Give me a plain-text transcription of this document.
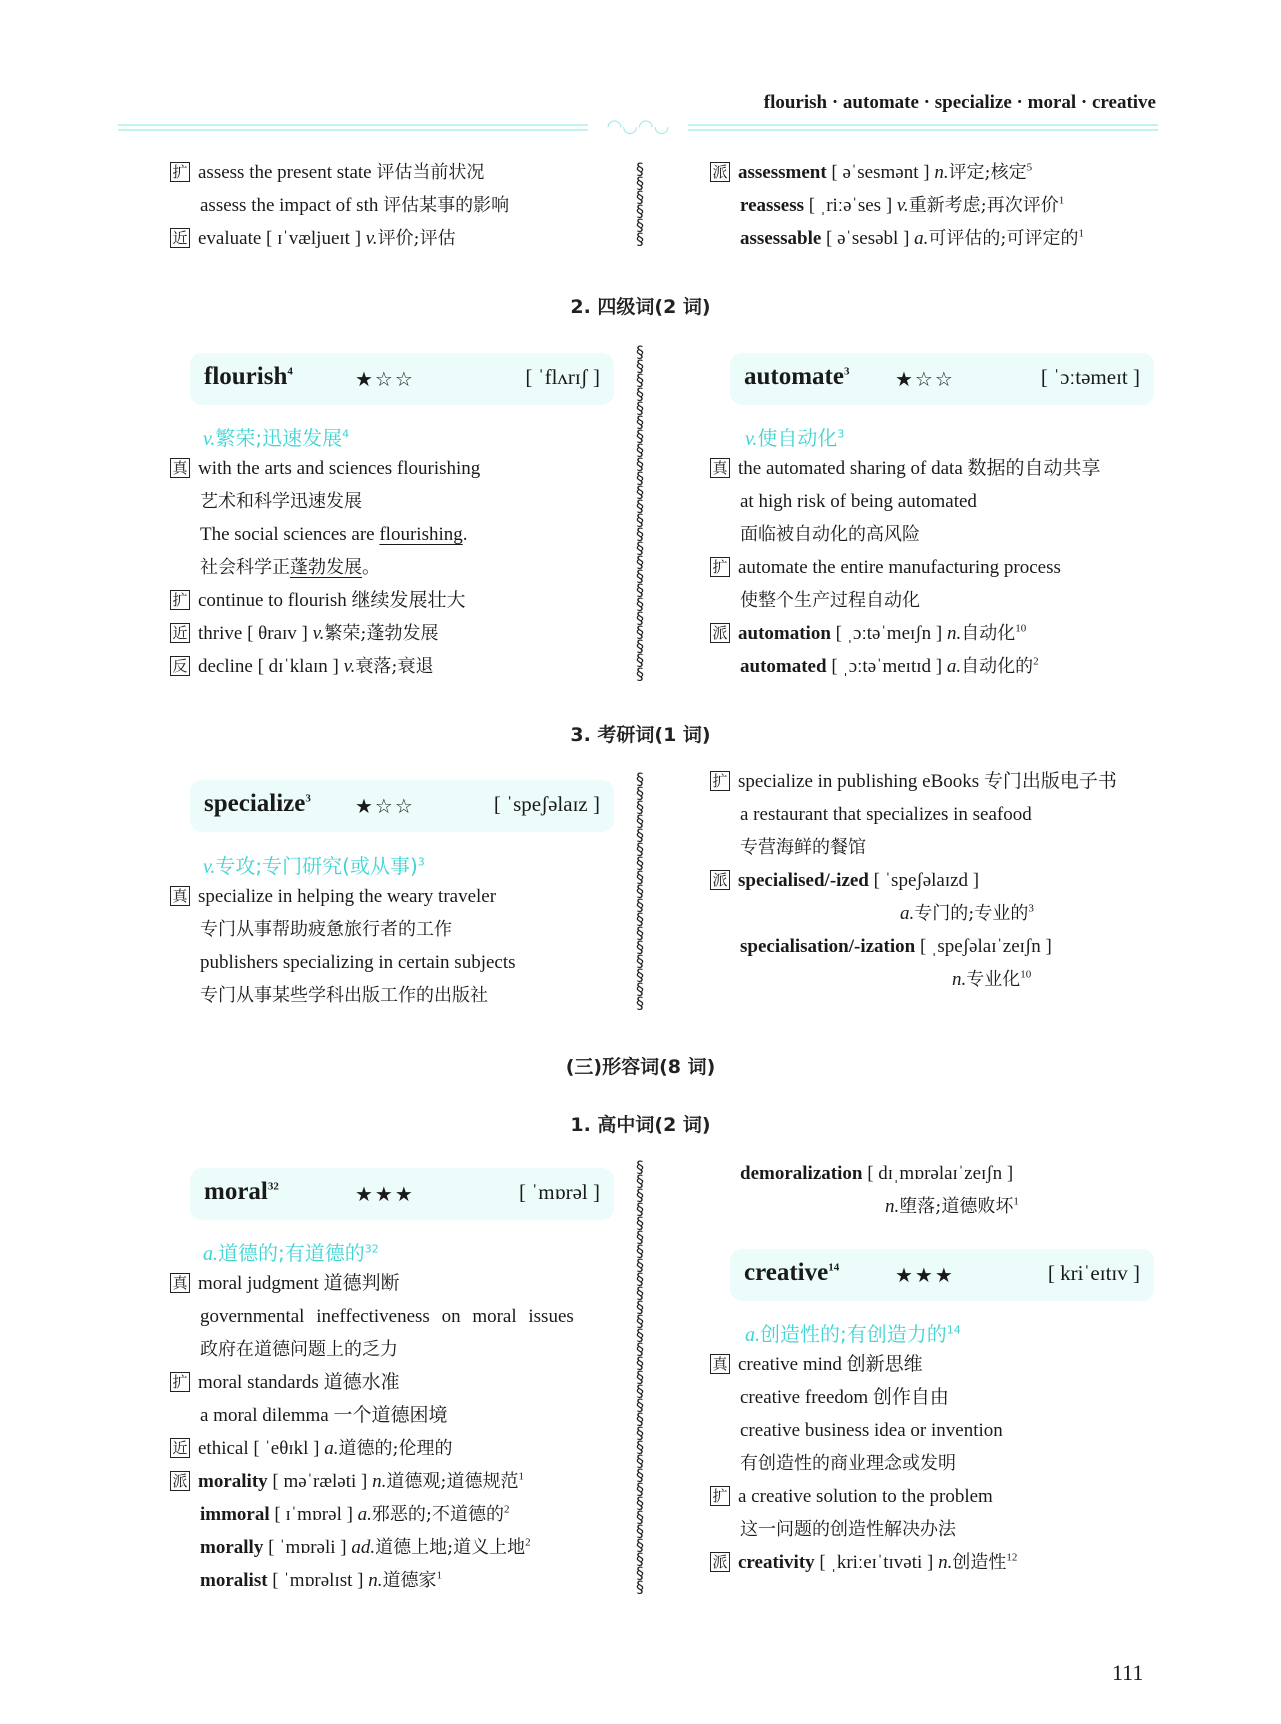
flourish · automate · specialize · moral · creative
◠◡◠◡
扩 assess the present state 评估当前状况
assess the impact of sth 评估某事的影响
近 evaluate [ ɪˈvæljueɪt ] v.评价;评估
派 assessment [ əˈsesmənt ] n.评定;核定$^5$
reassess [ ˌriːəˈses ] v.重新考虑;再次评价$^1$
assessable [ əˈsesəbl ] a.可评估的;可评定的$^1$
§
§
§
§
§
§
2. 四级词(2 词)
flourish$^4$	★☆☆	[ ˈflʌrɪʃ ]
v.繁荣;迅速发展$^4$
真 with the arts and sciences flourishing
艺术和科学迅速发展
The social sciences are flourishing.
社会科学正蓬勃发展。
扩 continue to flourish 继续发展壮大
近 thrive [ θraɪv ] v.繁荣;蓬勃发展
反 decline [ dɪˈklaɪn ] v.衰落;衰退
automate$^3$ ★☆☆	[ ˈɔːtəmeɪt ]
v.使自动化$^3$
真 the automated sharing of data 数据的自动共享
at high risk of being automated
面临被自动化的高风险
扩 automate the entire manufacturing process
使整个生产过程自动化
派 automation [ ˌɔːtəˈmeɪʃn ] n.自动化$^{10}$
automated [ ˌɔːtəˈmeɪtɪd ] a.自动化的$^2$
§
§
§
§
§
§
§
§
§
§
§
§
§
§
§
§
§
§
§
§
§
§
§
§
3. 考研词(1 词)
specialize$^3$ ★☆☆	[ ˈspeʃəlaɪz ]
v.专攻;专门研究(或从事)$^3$
真 specialize in helping the weary traveler
专门从事帮助疲惫旅行者的工作
publishers specializing in certain subjects
专门从事某些学科出版工作的出版社
扩 specialize in publishing eBooks 专门出版电子书
a restaurant that specializes in seafood
专营海鲜的餐馆
派 specialised/-ized [ ˈspeʃəlaɪzd ]
a.专门的;专业的$^3$
specialisation/-ization [ ˌspeʃəlaɪˈzeɪʃn ]
n.专业化$^{10}$
§
§
§
§
§
§
§
§
§
§
§
§
§
§
§
§
§
(三)形容词(8 词)
1. 高中词(2 词)
moral$^{32}$	★★★	[ ˈmɒrəl ]
a.道德的;有道德的$^{32}$
真 moral judgment 道德判断
governmental ineffectiveness on moral issues
政府在道德问题上的乏力
扩 moral standards 道德水准
a moral dilemma 一个道德困境
近 ethical [ ˈeθɪkl ] a.道德的;伦理的
派 morality [ məˈræləti ] n.道德观;道德规范$^1$
immoral [ ɪˈmɒrəl ] a.邪恶的;不道德的$^2$
morally [ ˈmɒrəli ] ad.道德上地;道义上地$^2$
moralist [ ˈmɒrəlɪst ] n.道德家$^1$
demoralization [ dɪˌmɒrəlaɪˈzeɪʃn ]
n.堕落;道德败坏$^1$
creative$^{14}$	★★★	[ kriˈeɪtɪv ]
a.创造性的;有创造力的$^{14}$
真 creative mind 创新思维
creative freedom 创作自由
creative business idea or invention
有创造性的商业理念或发明
扩 a creative solution to the problem
这一问题的创造性解决办法
派 creativity [ ˌkriːeɪˈtɪvəti ] n.创造性$^{12}$
§
§
§
§
§
§
§
§
§
§
§
§
§
§
§
§
§
§
§
§
§
§
§
§
§
§
§
§
§
§
§
111
